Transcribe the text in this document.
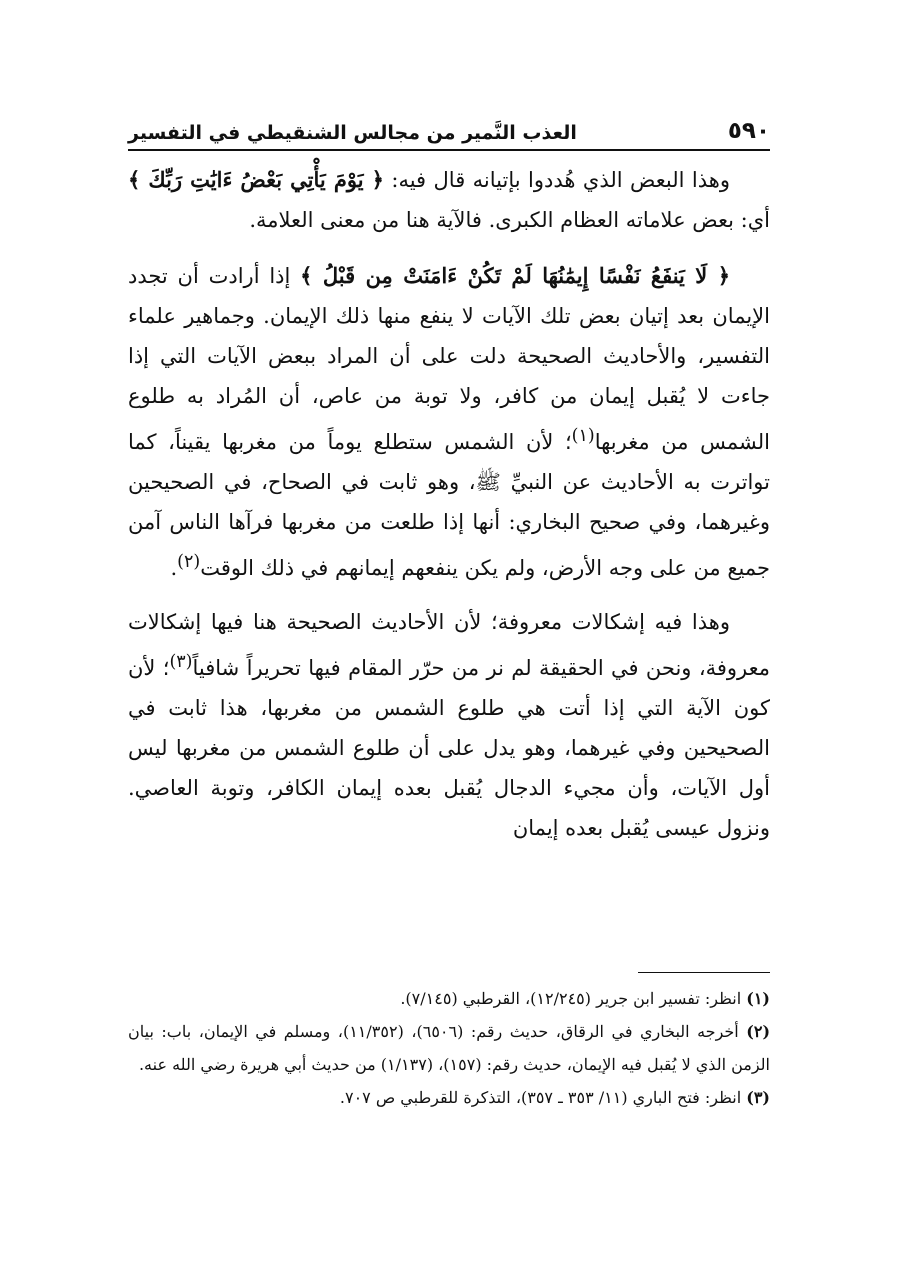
٥٩٠
العذب النَّمير من مجالس الشنقيطي في التفسير

وهذا البعض الذي هُددوا بإتيانه قال فيه: ﴿ يَوْمَ يَأْتِي بَعْضُ ءَايَٰتِ رَبِّكَ ﴾ أي: بعض علاماته العظام الكبرى. فالآية هنا من معنى العلامة.

﴿ لَا يَنفَعُ نَفْسًا إِيمَٰنُهَا لَمْ تَكُنْ ءَامَنَتْ مِن قَبْلُ ﴾ إذا أرادت أن تجدد الإيمان بعد إتيان بعض تلك الآيات لا ينفع منها ذلك الإيمان. وجماهير علماء التفسير، والأحاديث الصحيحة دلت على أن المراد ببعض الآيات التي إذا جاءت لا يُقبل إيمان من كافر، ولا توبة من عاص، أن المُراد به طلوع الشمس من مغربها$^{(١)}$؛ لأن الشمس ستطلع يوماً من مغربها يقيناً، كما تواترت به الأحاديث عن النبيِّ ﷺ، وهو ثابت في الصحاح، في الصحيحين وغيرهما، وفي صحيح البخاري: أنها إذا طلعت من مغربها فرآها الناس آمن جميع من على وجه الأرض، ولم يكن ينفعهم إيمانهم في ذلك الوقت$^{(٢)}$.

وهذا فيه إشكالات معروفة؛ لأن الأحاديث الصحيحة هنا فيها إشكالات معروفة، ونحن في الحقيقة لم نر من حرّر المقام فيها تحريراً شافياً$^{(٣)}$؛ لأن كون الآية التي إذا أتت هي طلوع الشمس من مغربها، هذا ثابت في الصحيحين وفي غيرهما، وهو يدل على أن طلوع الشمس من مغربها ليس أول الآيات، وأن مجيء الدجال يُقبل بعده إيمان الكافر، وتوبة العاصي. ونزول عيسى يُقبل بعده إيمان

(١) انظر: تفسير ابن جرير (١٢/٢٤٥)، القرطبي (٧/١٤٥).

(٢) أخرجه البخاري في الرقاق، حديث رقم: (٦٥٠٦)، (١١/٣٥٢)، ومسلم في الإيمان، باب: بيان الزمن الذي لا يُقبل فيه الإيمان، حديث رقم: (١٥٧)، (١/١٣٧) من حديث أبي هريرة رضي الله عنه.

(٣) انظر: فتح الباري (١١/ ٣٥٣ ـ ٣٥٧)، التذكرة للقرطبي ص ٧٠٧.
